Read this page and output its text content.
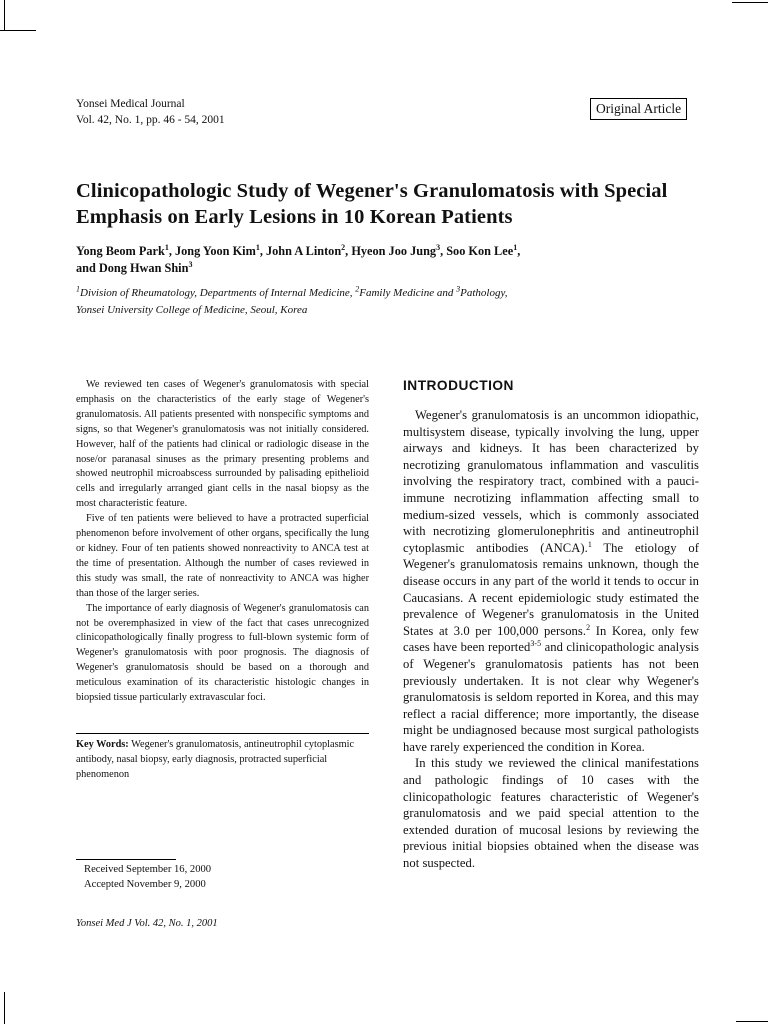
Yonsei Medical Journal
Vol. 42, No. 1, pp. 46 - 54, 2001
Original Article
Clinicopathologic Study of Wegener's Granulomatosis with Special Emphasis on Early Lesions in 10 Korean Patients
Yong Beom Park$^1$, Jong Yoon Kim$^1$, John A Linton$^2$, Hyeon Joo Jung$^3$, Soo Kon Lee$^1$,
and Dong Hwan Shin$^3$
$^1$Division of Rheumatology, Departments of Internal Medicine, $^2$Family Medicine and $^3$Pathology,
Yonsei University College of Medicine, Seoul, Korea

We reviewed ten cases of Wegener's granulomatosis with special emphasis on the characteristics of the early stage of Wegener's granulomatosis. All patients presented with nonspecific symptoms and signs, so that Wegener's granulomatosis was not initially considered. However, half of the patients had clinical or radiologic disease in the nose/or paranasal sinuses as the primary presenting problems and showed neutrophil microabscess surrounded by palisading epithelioid cells and irregularly arranged giant cells in the nasal biopsy as the most characteristic feature.

Five of ten patients were believed to have a protracted superficial phenomenon before involvement of other organs, specifically the lung or kidney. Four of ten patients showed nonreactivity to ANCA test at the time of presentation. Although the number of cases reviewed in this study was small, the rate of nonreactivity to ANCA was higher than those of the larger series.

The importance of early diagnosis of Wegener's granulomatosis can not be overemphasized in view of the fact that cases unrecognized clinicopathologically finally progress to full-blown systemic form of Wegener's granulomatosis with poor prognosis. The diagnosis of Wegener's granulomatosis should be based on a thorough and meticulous examination of its characteristic histologic changes in biopsied tissue particularly extravascular foci.

Key Words: Wegener's granulomatosis, antineutrophil cytoplasmic antibody, nasal biopsy, early diagnosis, protracted superficial phenomenon
Received September 16, 2000
Accepted November 9, 2000
Yonsei Med J Vol. 42, No. 1, 2001
INTRODUCTION

Wegener's granulomatosis is an uncommon idiopathic, multisystem disease, typically involving the lung, upper airways and kidneys. It has been characterized by necrotizing granulomatous inflammation and vasculitis involving the respiratory tract, combined with a pauci-immune necrotizing inflammation affecting small to medium-sized vessels, which is commonly associated with necrotizing glomerulonephritis and antineutrophil cytoplasmic antibodies (ANCA).$^1$ The etiology of Wegener's granulomatosis remains unknown, though the disease occurs in any part of the world it tends to occur in Caucasians. A recent epidemiologic study estimated the prevalence of Wegener's granulomatosis in the United States at 3.0 per 100,000 persons.$^2$ In Korea, only few cases have been reported$^{3-5}$ and clinicopathologic analysis of Wegener's granulomatosis patients has not been previously undertaken. It is not clear why Wegener's granulomatosis is seldom reported in Korea, and this may reflect a racial difference; more importantly, the disease might be undiagnosed because most surgical pathologists have rarely experienced the condition in Korea.

In this study we reviewed the clinical manifestations and pathologic findings of 10 cases with the clinicopathologic features characteristic of Wegener's granulomatosis and we paid special attention to the extended duration of mucosal lesions by reviewing the previous initial biopsies obtained when the disease was not suspected.
